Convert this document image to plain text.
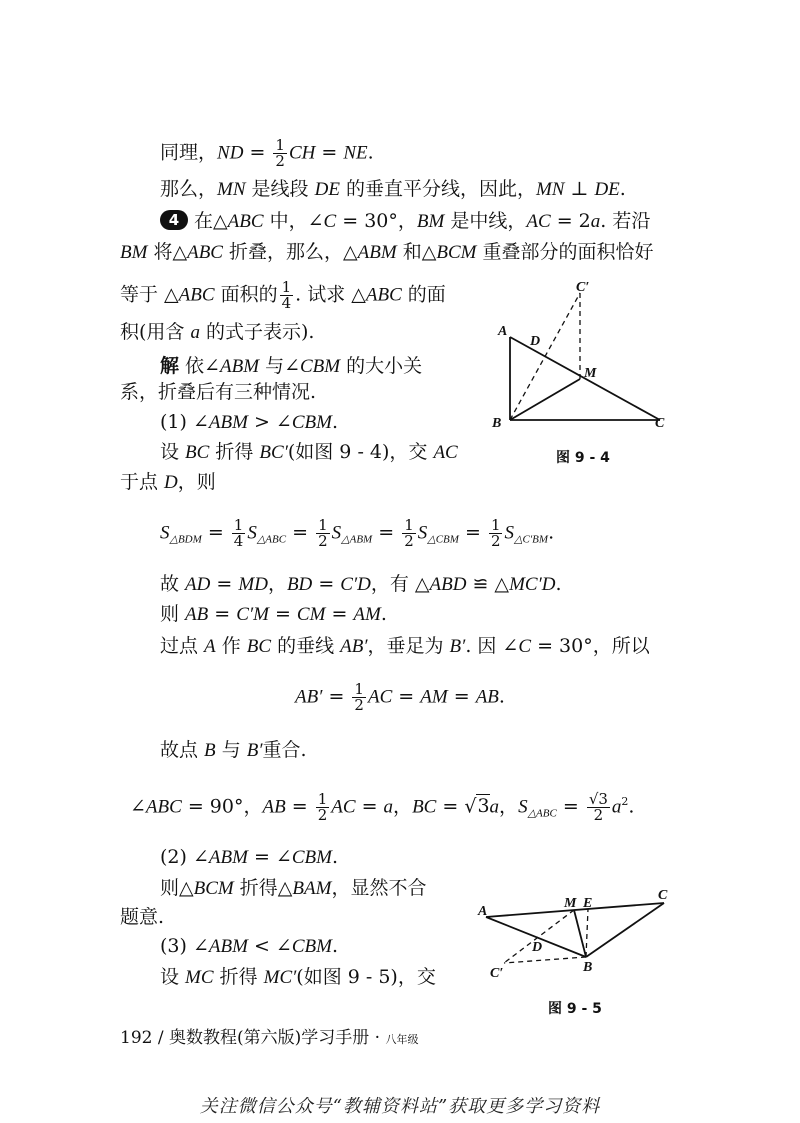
同理，ND = $\frac{1}{2}$ CH = NE.
那么，MN 是线段 DE 的垂直平分线，因此，MN ⊥ DE.
4 在△ABC 中，∠C = 30°，BM 是中线，AC = 2a. 若沿
BM 将△ABC 折叠，那么，△ABM 和△BCM 重叠部分的面积恰好
等于 △ABC 面积的 $\frac{1}{4}$ . 试求 △ABC 的面
积(用含 a 的式子表示).
解 依∠ABM 与∠CBM 的大小关
系，折叠后有三种情况.
(1) ∠ABM > ∠CBM.
设 BC 折得 BC′(如图 9 - 4)，交 AC
于点 D，则
$S_{\triangle BDM} = \frac{1}{4} S_{\triangle ABC} = \frac{1}{2} S_{\triangle ABM} = \frac{1}{2} S_{\triangle CBM} = \frac{1}{2} S_{\triangle C'BM}$.
故 AD = MD，BD = C′D，有 △ABD ≌ △MC′D.
则 AB = C′M = CM = AM.
过点 A 作 BC 的垂线 AB′，垂足为 B′. 因 ∠C = 30°，所以
$AB' = \frac{1}{2}$ AC = AM = AB.
故点 B 与 B′重合.
∠ABC = 90°，AB = $\frac{1}{2}$ AC = a，BC = √3a，$S_{\triangle ABC} = \frac{√3}{2} a^2$.
(2) ∠ABM = ∠CBM.
则△BCM 折得△BAM，显然不合
题意.
(3) ∠ABM < ∠CBM.
设 MC 折得 MC′(如图 9 - 5)，交
A
B	C
D
M
C′
图 9 - 4
A
M E
C
D
B
C′
图 9 - 5
192 / 奥数教程(第六版)学习手册 · 八年级
关注微信公众号“教辅资料站”获取更多学习资料
